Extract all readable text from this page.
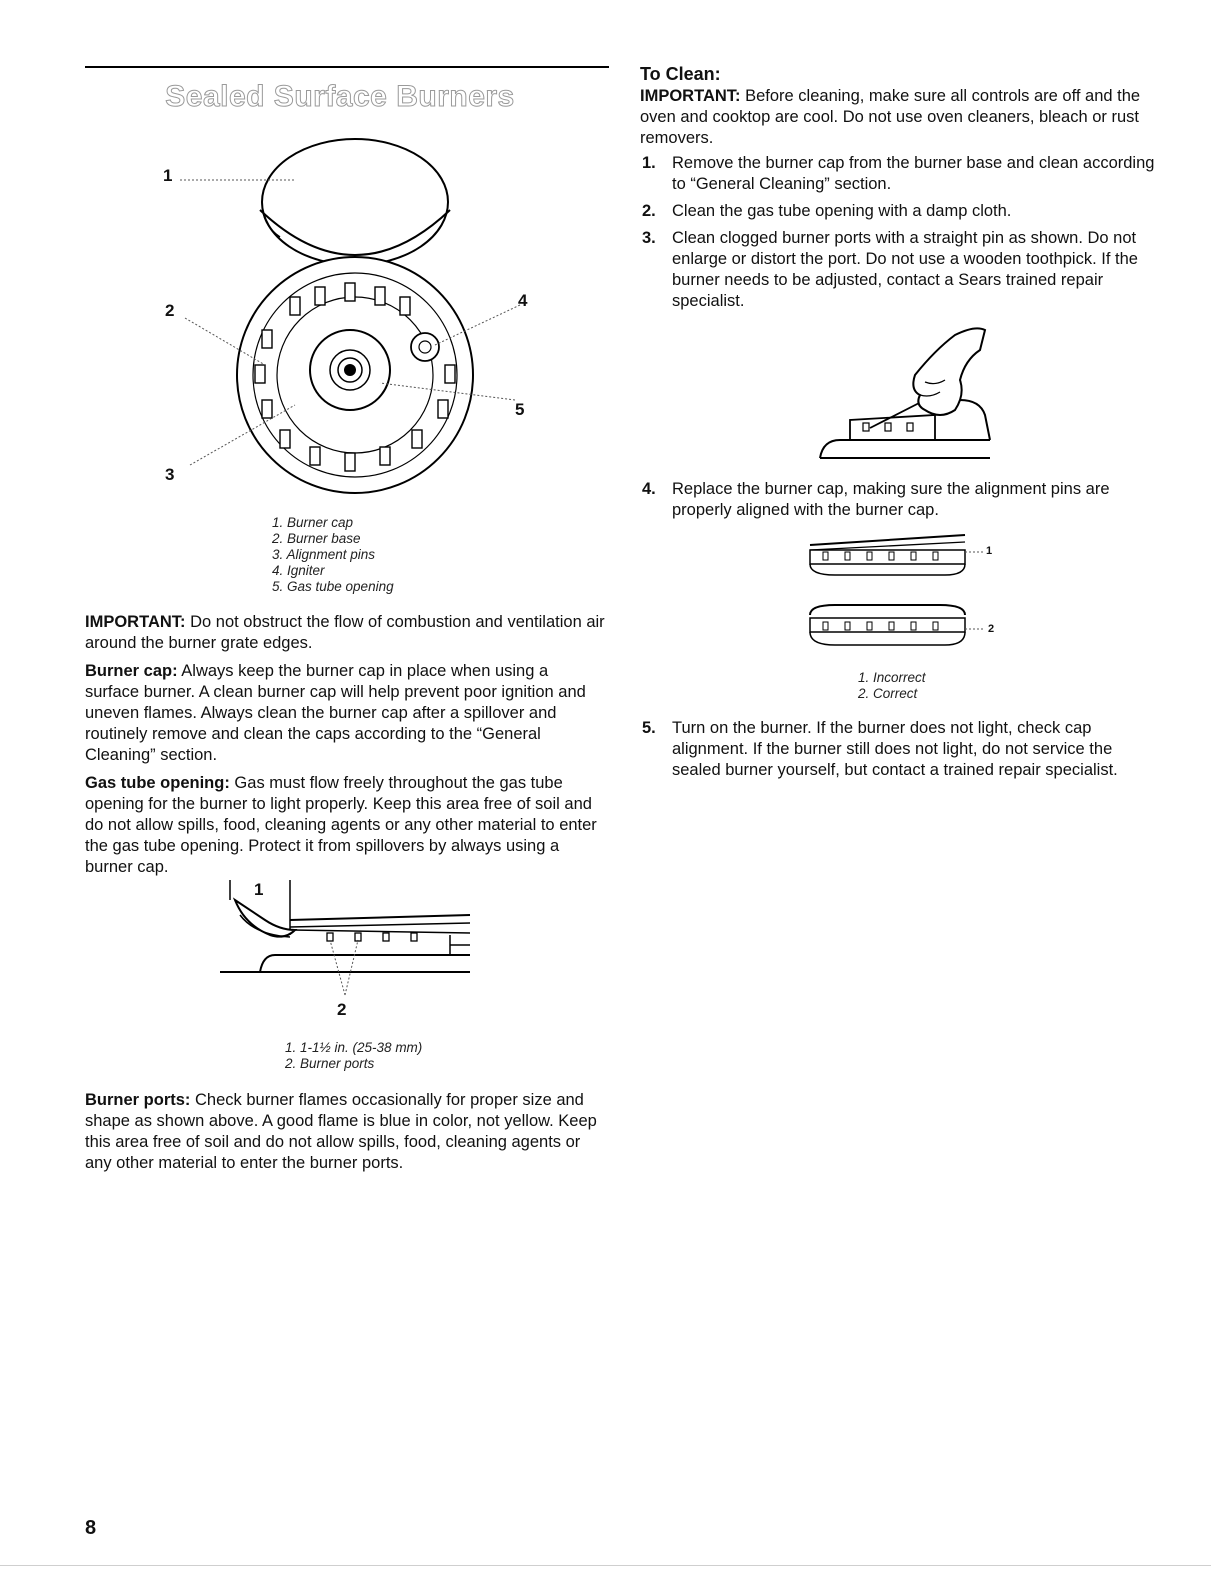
Sealed Surface Burners
1
2
3
4
5
1. Burner cap
2. Burner base
3. Alignment pins
4. Igniter
5. Gas tube opening

IMPORTANT: Do not obstruct the flow of combustion and ventilation air around the burner grate edges.

Burner cap: Always keep the burner cap in place when using a surface burner. A clean burner cap will help prevent poor ignition and uneven flames. Always clean the burner cap after a spillover and routinely remove and clean the caps according to the “General Cleaning” section.

Gas tube opening: Gas must flow freely throughout the gas tube opening for the burner to light properly. Keep this area free of soil and do not allow spills, food, cleaning agents or any other material to enter the gas tube opening. Protect it from spillovers by always using a burner cap.

1
2
1. 1-1½ in. (25-38 mm)
2. Burner ports

Burner ports: Check burner flames occasionally for proper size and shape as shown above. A good flame is blue in color, not yellow. Keep this area free of soil and do not allow spills, food, cleaning agents or any other material to enter the burner ports.

To Clean:

IMPORTANT: Before cleaning, make sure all controls are off and the oven and cooktop are cool. Do not use oven cleaners, bleach or rust removers.

1. Remove the burner cap from the burner base and clean according to “General Cleaning” section.
2. Clean the gas tube opening with a damp cloth.
3. Clean clogged burner ports with a straight pin as shown. Do not enlarge or distort the port. Do not use a wooden toothpick. If the burner needs to be adjusted, contact a Sears trained repair specialist.
4. Replace the burner cap, making sure the alignment pins are properly aligned with the burner cap.
1
2
1. Incorrect
2. Correct
5. Turn on the burner. If the burner does not light, check cap alignment. If the burner still does not light, do not service the sealed burner yourself, but contact a trained repair specialist.
8
